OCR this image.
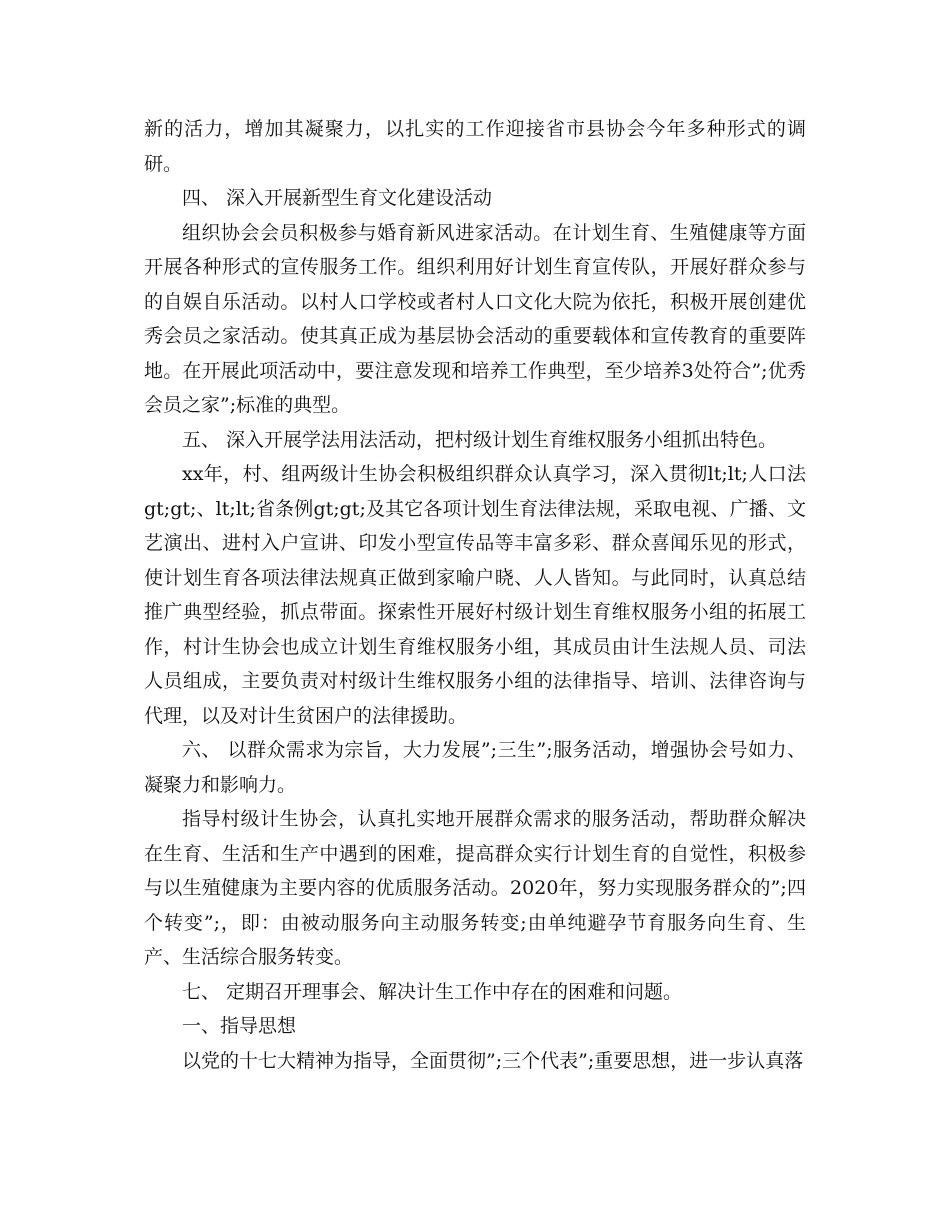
新的活力，增加其凝聚力，以扎实的工作迎接省市县协会今年多种形式的调研。

四、 深入开展新型生育文化建设活动

组织协会会员积极参与婚育新风进家活动。在计划生育、生殖健康等方面开展各种形式的宣传服务工作。组织利用好计划生育宣传队，开展好群众参与的自娱自乐活动。以村人口学校或者村人口文化大院为依托，积极开展创建优秀会员之家活动。使其真正成为基层协会活动的重要载体和宣传教育的重要阵地。在开展此项活动中，要注意发现和培养工作典型，至少培养3处符合”;优秀会员之家”;标准的典型。

五、 深入开展学法用法活动，把村级计划生育维权服务小组抓出特色。

xx年，村、组两级计生协会积极组织群众认真学习，深入贯彻lt;lt;人口法gt;gt;、lt;lt;省条例gt;gt;及其它各项计划生育法律法规，采取电视、广播、文艺演出、进村入户宣讲、印发小型宣传品等丰富多彩、群众喜闻乐见的形式，使计划生育各项法律法规真正做到家喻户晓、人人皆知。与此同时，认真总结推广典型经验，抓点带面。探索性开展好村级计划生育维权服务小组的拓展工作，村计生协会也成立计划生育维权服务小组，其成员由计生法规人员、司法人员组成，主要负责对村级计生维权服务小组的法律指导、培训、法律咨询与代理，以及对计生贫困户的法律援助。

六、 以群众需求为宗旨，大力发展”;三生”;服务活动，增强协会号如力、凝聚力和影响力。

指导村级计生协会，认真扎实地开展群众需求的服务活动，帮助群众解决在生育、生活和生产中遇到的困难，提高群众实行计划生育的自觉性，积极参与以生殖健康为主要内容的优质服务活动。2020年，努力实现服务群众的”;四个转变”;，即：由被动服务向主动服务转变;由单纯避孕节育服务向生育、生产、生活综合服务转变。

七、 定期召开理事会、解决计生工作中存在的困难和问题。

一、指导思想

以党的十七大精神为指导，全面贯彻”;三个代表”;重要思想，进一步认真落
